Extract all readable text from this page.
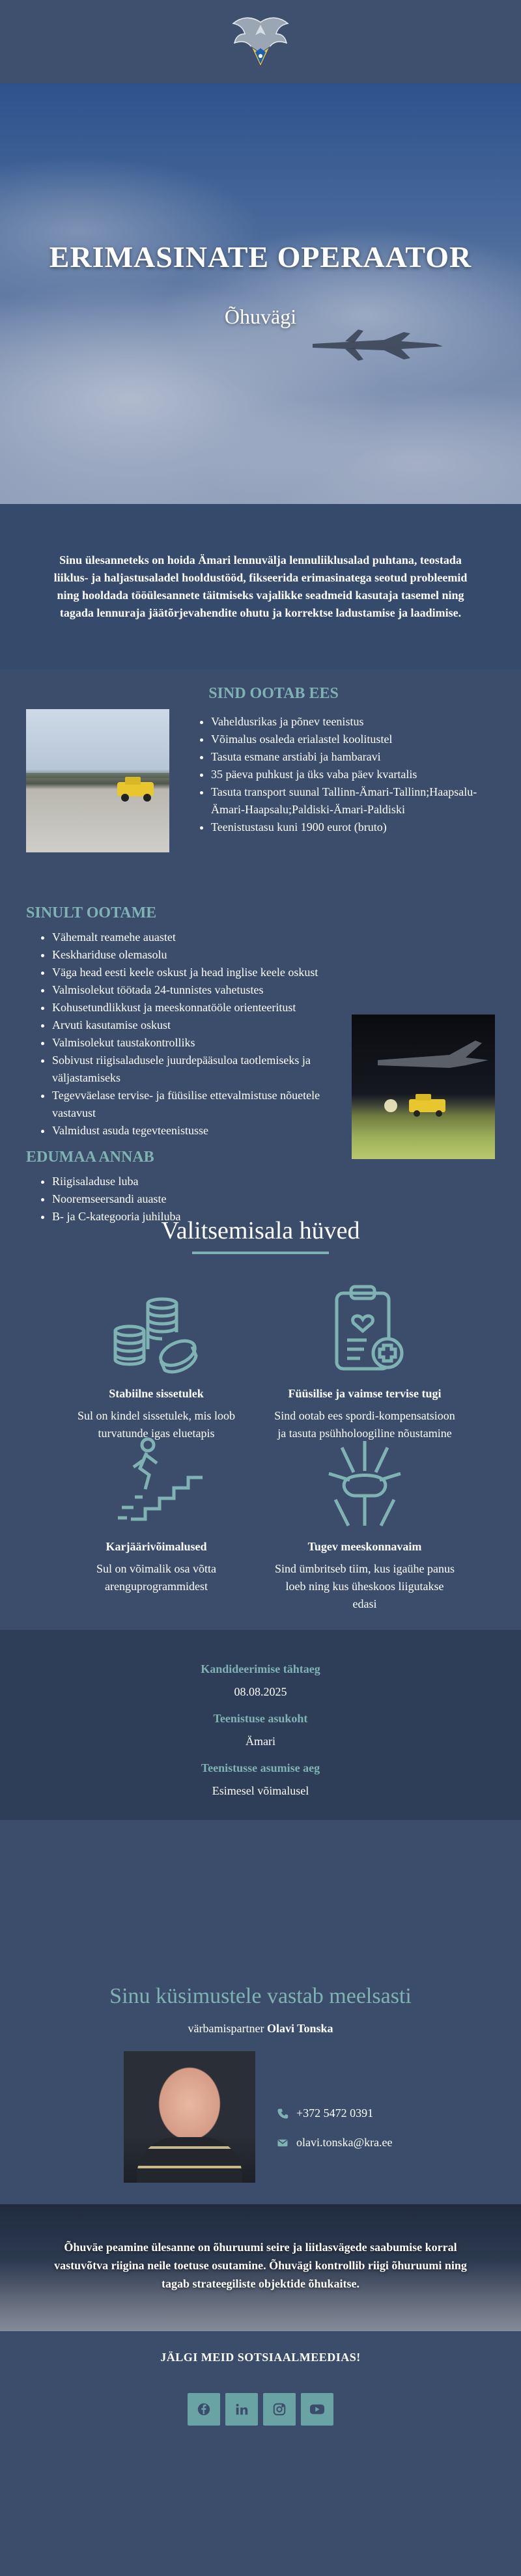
ERIMASINATE OPERAATOR
Õhuvägi

Sinu ülesanneteks on hoida Ämari lennuvälja lennuliiklusalad puhtana, teostada liiklus- ja haljastusaladel hooldustööd, fikseerida erimasinatega seotud probleemid ning hooldada tööülesannete täitmiseks vajalikke seadmeid kasutaja tasemel ning tagada lennuraja jäätõrjevahendite ohutu ja korrektse ladustamise ja laadimise.

SIND OOTAB EES
• Vaheldusrikas ja põnev teenistus
• Võimalus osaleda erialastel koolitustel
• Tasuta esmane arstiabi ja hambaravi
• 35 päeva puhkust ja üks vaba päev kvartalis
• Tasuta transport suunal Tallinn-Ämari-Tallinn;Haapsalu-Ämari-Haapsalu;Paldiski-Ämari-Paldiski
• Teenistustasu kuni 1900 eurot (bruto)
SINULT OOTAME
• Vähemalt reamehe auastet
• Keskhariduse olemasolu
• Väga head eesti keele oskust ja head inglise keele oskust
• Valmisolekut töötada 24-tunnistes vahetustes
• Kohusetundlikkust ja meeskonnatööle orienteeritust
• Arvuti kasutamise oskust
• Valmisolekut taustakontrolliks
• Sobivust riigisaladusele juurdepääsuloa taotlemiseks ja väljastamiseks
• Tegevväelase tervise- ja füüsilise ettevalmistuse nõuetele vastavust
• Valmidust asuda tegevteenistusse
EDUMAA ANNAB
• Riigisaladuse luba
• Nooremseersandi auaste
• B- ja C-kategooria juhiluba
Valitsemisala hüved
Stabiilne sissetulek
Sul on kindel sissetulek, mis loob turvatunde igas eluetapis
Füüsilise ja vaimse tervise tugi
Sind ootab ees spordi-kompensatsioon ja tasuta psühholoogiline nõustamine
Karjäärivõimalused
Sul on võimalik osa võtta arenguprogrammidest
Tugev meeskonnavaim
Sind ümbritseb tiim, kus igaühe panus loeb ning kus üheskoos liigutakse edasi
Kandideerimise tähtaeg
08.08.2025
Teenistuse asukoht
Ämari
Teenistusse asumise aeg
Esimesel võimalusel
Sinu küsimustele vastab meelsasti
värbamispartner Olavi Tonska
+372 5472 0391
olavi.tonska@kra.ee

Õhuväe peamine ülesanne on õhuruumi seire ja liitlasvägede saabumise korral vastuvõtva riigina neile toetuse osutamine. Õhuvägi kontrollib riigi õhuruumi ning tagab strateegiliste objektide õhukaitse.

JÄLGI MEID SOTSIAALMEEDIAS!
